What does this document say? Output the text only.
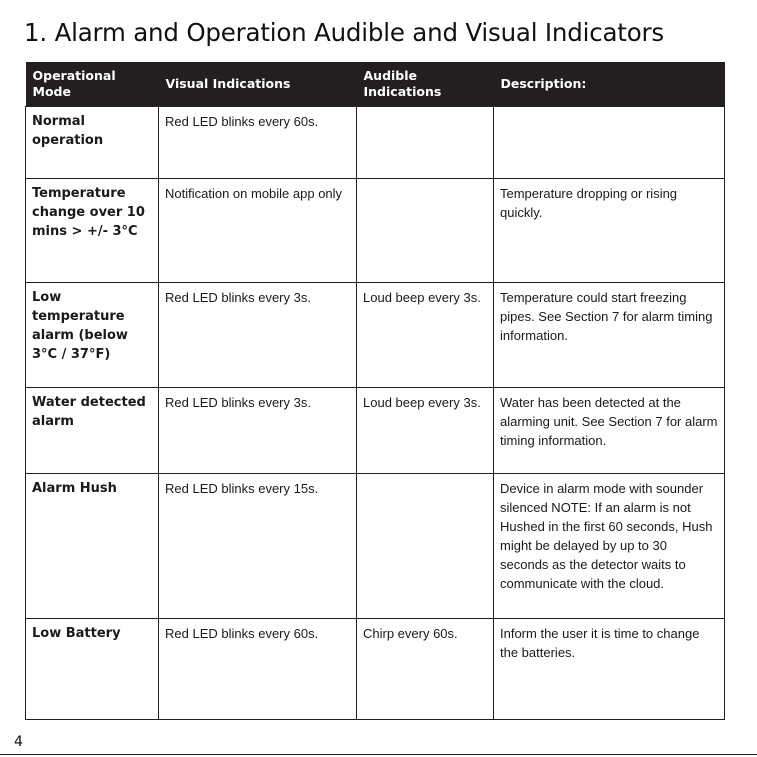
1. Alarm and Operation Audible and Visual Indicators
Operational Mode	Visual Indications	Audible Indications	Description:
Normal operation	Red LED blinks every 60s.		
Temperature change over 10 mins > +/- 3°C	Notification on mobile app only		Temperature dropping or rising quickly.
Low temperature alarm (below 3°C / 37°F)	Red LED blinks every 3s.	Loud beep every 3s.	Temperature could start freezing pipes. See Section 7 for alarm timing information.
Water detected alarm	Red LED blinks every 3s.	Loud beep every 3s.	Water has been detected at the alarming unit. See Section 7 for alarm timing information.
Alarm Hush	Red LED blinks every 15s.		Device in alarm mode with sounder silenced NOTE: If an alarm is not Hushed in the first 60 seconds, Hush might be delayed by up to 30 seconds as the detector waits to communicate with the cloud.
Low Battery	Red LED blinks every 60s.	Chirp every 60s.	Inform the user it is time to change the batteries.
4
